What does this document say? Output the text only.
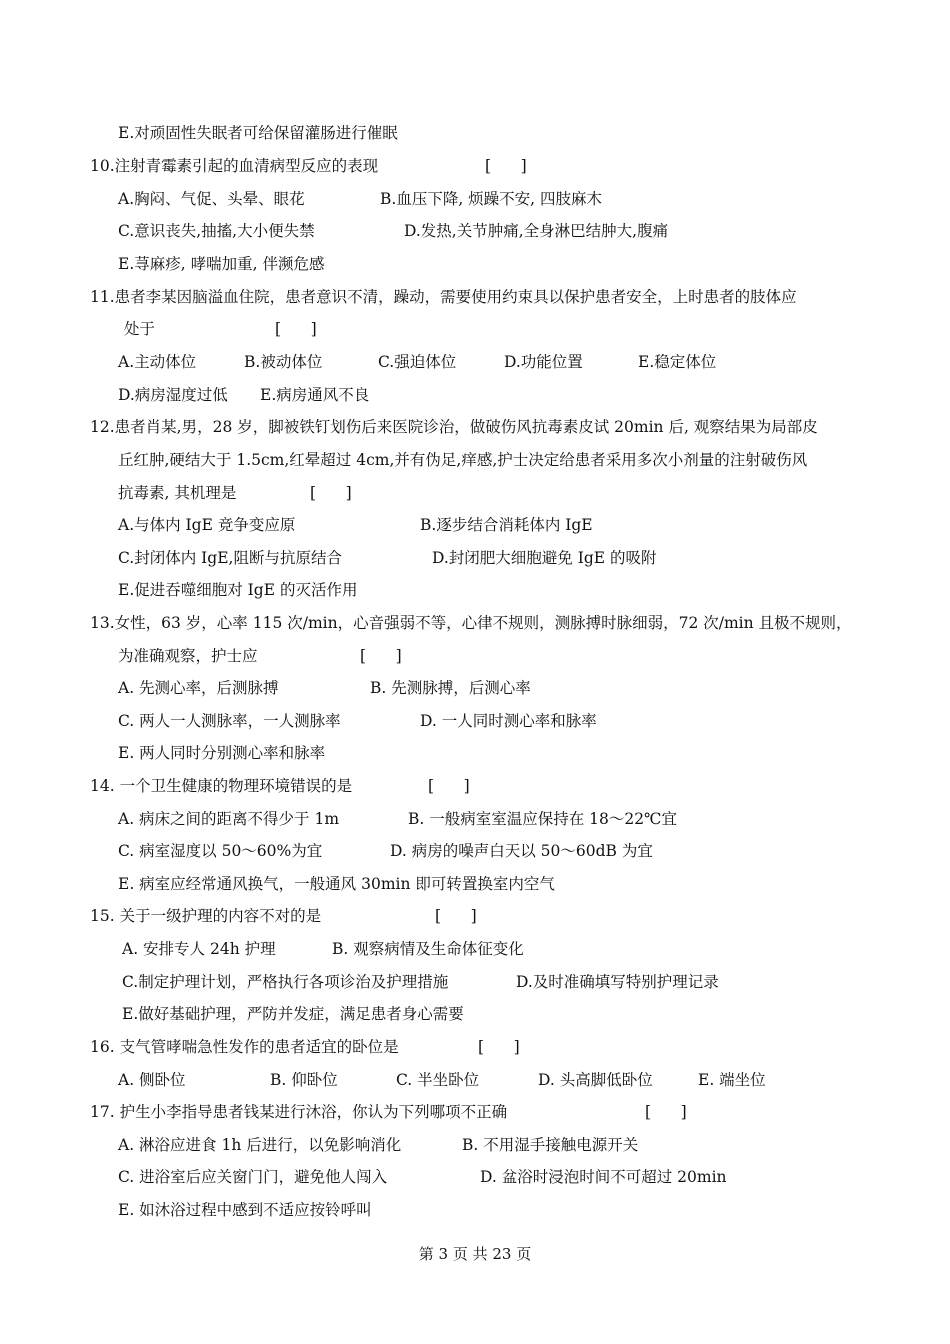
E.对顽固性失眠者可给保留灌肠进行催眠
10.注射青霉素引起的血清病型反应的表现	[      ]
A.胸闷、气促、头晕、眼花	B.血压下降, 烦躁不安, 四肢麻木
C.意识丧失,抽搐,大小便失禁	D.发热,关节肿痛,全身淋巴结肿大,腹痛
E.荨麻疹, 哮喘加重, 伴濒危感
11.患者李某因脑溢血住院，患者意识不清，躁动，需要使用约束具以保护患者安全，上时患者的肢体应
处于	[      ]
A.主动体位	B.被动体位	C.强迫体位	D.功能位置	E.稳定体位
D.病房湿度过低 E.病房通风不良
12.患者肖某,男，28 岁，脚被铁钉划伤后来医院诊治，做破伤风抗毒素皮试 20min 后, 观察结果为局部皮
丘红肿,硬结大于 1.5cm,红晕超过 4cm,并有伪足,痒感,护士决定给患者采用多次小剂量的注射破伤风
抗毒素, 其机理是	[      ]
A.与体内 IgE 竞争变应原	B.逐步结合消耗体内 IgE
C.封闭体内 IgE,阻断与抗原结合	D.封闭肥大细胞避免 IgE 的吸附
E.促进吞噬细胞对 IgE 的灭活作用
13.女性，63 岁，心率 115 次/min，心音强弱不等，心律不规则，测脉搏时脉细弱，72 次/min 且极不规则，
为准确观察，护士应	[      ]
A. 先测心率，后测脉搏	B. 先测脉搏，后测心率
C. 两人一人测脉率，一人测脉率	D. 一人同时测心率和脉率
E. 两人同时分别测心率和脉率
14. 一个卫生健康的物理环境错误的是	[      ]
A. 病床之间的距离不得少于 1m	B. 一般病室室温应保持在 18～22℃宜
C. 病室湿度以 50～60%为宜	D. 病房的噪声白天以 50～60dB 为宜
E. 病室应经常通风换气，一般通风 30min 即可转置换室内空气
15. 关于一级护理的内容不对的是	[      ]
A. 安排专人 24h 护理	B. 观察病情及生命体征变化
C.制定护理计划，严格执行各项诊治及护理措施	D.及时准确填写特别护理记录
E.做好基础护理，严防并发症，满足患者身心需要
16. 支气管哮喘急性发作的患者适宜的卧位是	[      ]
A. 侧卧位	B. 仰卧位	C. 半坐卧位	D. 头高脚低卧位	E. 端坐位
17. 护生小李指导患者钱某进行沐浴，你认为下列哪项不正确	[      ]
A. 淋浴应进食 1h 后进行，以免影响消化	B. 不用湿手接触电源开关
C. 进浴室后应关窗门门，避免他人闯入	D. 盆浴时浸泡时间不可超过 20min
E. 如沐浴过程中感到不适应按铃呼叫
第 3 页 共 23 页
